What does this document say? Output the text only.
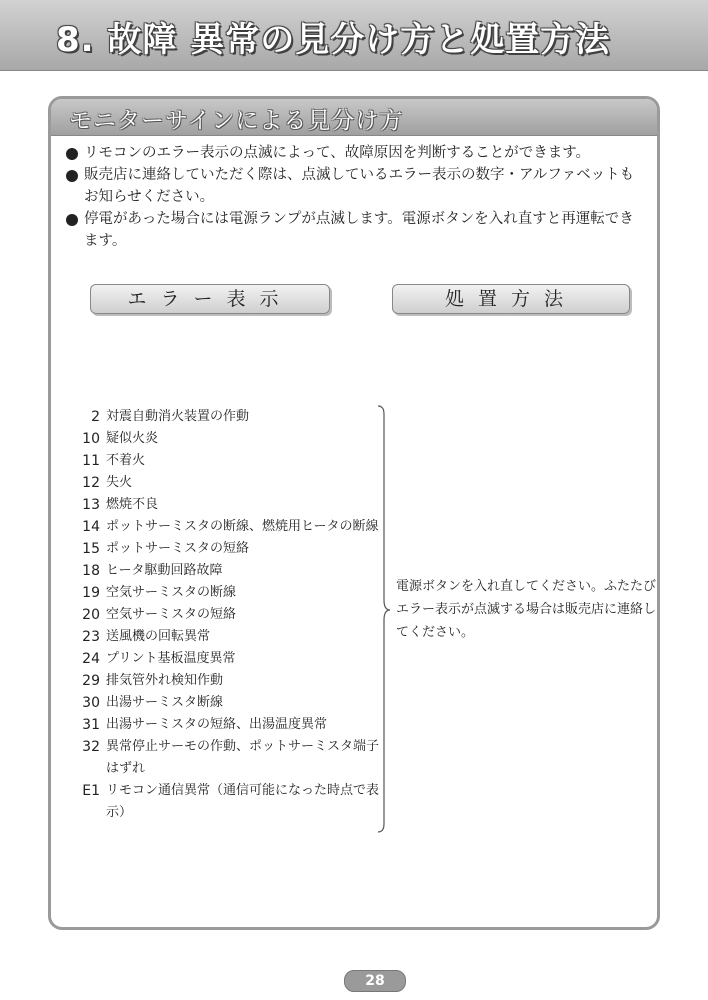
8. 故障 異常の見分け方と処置方法
モニターサインによる見分け方
リモコンのエラー表示の点滅によって、故障原因を判断することができます。
販売店に連絡していただく際は、点滅しているエラー表示の数字・アルファベットもお知らせください。
停電があった場合には電源ランプが点滅します。電源ボタンを入れ直すと再運転できます。
エラー表示	処置方法
2 対震自動消火装置の作動
10 疑似火炎
11 不着火
12 失火
13 燃焼不良
14 ポットサーミスタの断線、燃焼用ヒータの断線
15 ポットサーミスタの短絡
18 ヒータ駆動回路故障
19 空気サーミスタの断線
20 空気サーミスタの短絡
23 送風機の回転異常
24 プリント基板温度異常
29 排気管外れ検知作動
30 出湯サーミスタ断線
31 出湯サーミスタの短絡、出湯温度異常
32 異常停止サーモの作動、ポットサーミスタ端子はずれ
E1 リモコン通信異常（通信可能になった時点で表示）
電源ボタンを入れ直してください。ふたたびエラー表示が点滅する場合は販売店に連絡してください。
28
